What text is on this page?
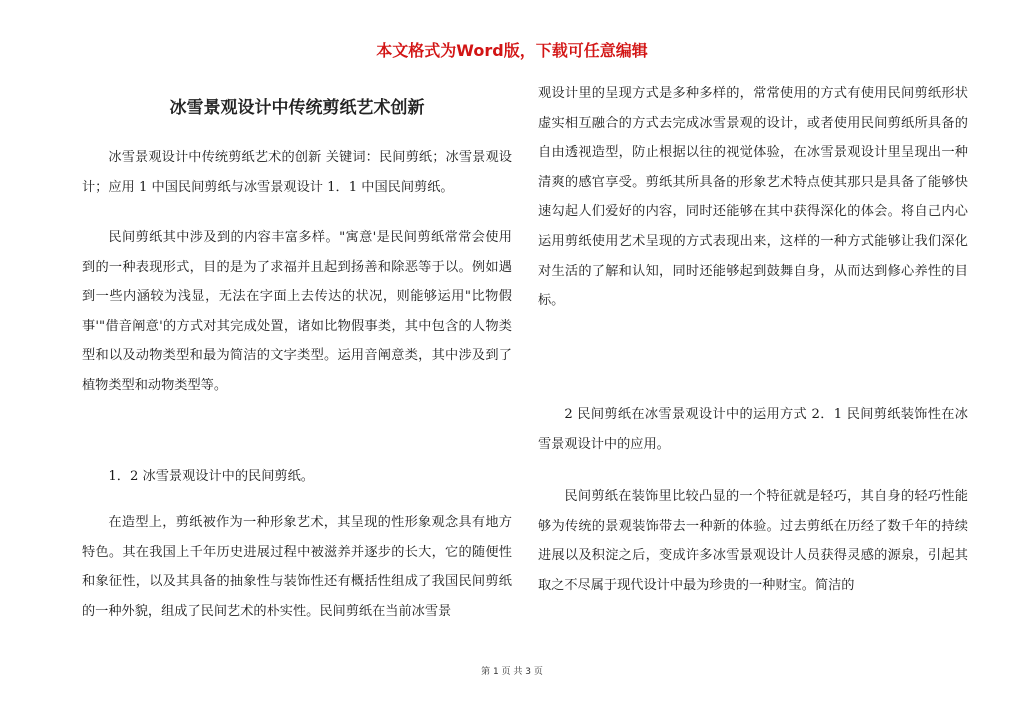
本文格式为Word版，下载可任意编辑
冰雪景观设计中传统剪纸艺术创新

冰雪景观设计中传统剪纸艺术的创新 关键词：民间剪纸；冰雪景观设计；应用 1 中国民间剪纸与冰雪景观设计 1．1 中国民间剪纸。

民间剪纸其中涉及到的内容丰富多样。"寓意'是民间剪纸常常会使用到的一种表现形式，目的是为了求福并且起到扬善和除恶等于以。例如遇到一些内涵较为浅显，无法在字面上去传达的状况，则能够运用"比物假事'"借音阐意'的方式对其完成处置，诸如比物假事类，其中包含的人物类型和以及动物类型和最为简洁的文字类型。运用音阐意类，其中涉及到了植物类型和动物类型等。

1．2 冰雪景观设计中的民间剪纸。

在造型上，剪纸被作为一种形象艺术，其呈现的性形象观念具有地方特色。其在我国上千年历史进展过程中被滋养并逐步的长大，它的随便性和象征性，以及其具备的抽象性与装饰性还有概括性组成了我国民间剪纸的一种外貌，组成了民间艺术的朴实性。民间剪纸在当前冰雪景

观设计里的呈现方式是多种多样的，常常使用的方式有使用民间剪纸形状虚实相互融合的方式去完成冰雪景观的设计，或者使用民间剪纸所具备的自由透视造型，防止根据以往的视觉体验，在冰雪景观设计里呈现出一种清爽的感官享受。剪纸其所具备的形象艺术特点使其那只是具备了能够快速勾起人们爱好的内容，同时还能够在其中获得深化的体会。将自己内心运用剪纸使用艺术呈现的方式表现出来，这样的一种方式能够让我们深化对生活的了解和认知，同时还能够起到鼓舞自身，从而达到修心养性的目标。

2 民间剪纸在冰雪景观设计中的运用方式 2．1 民间剪纸装饰性在冰雪景观设计中的应用。

民间剪纸在装饰里比较凸显的一个特征就是轻巧，其自身的轻巧性能够为传统的景观装饰带去一种新的体验。过去剪纸在历经了数千年的持续进展以及积淀之后，变成许多冰雪景观设计人员获得灵感的源泉，引起其取之不尽属于现代设计中最为珍贵的一种财宝。简洁的

第 1 页 共 3 页
